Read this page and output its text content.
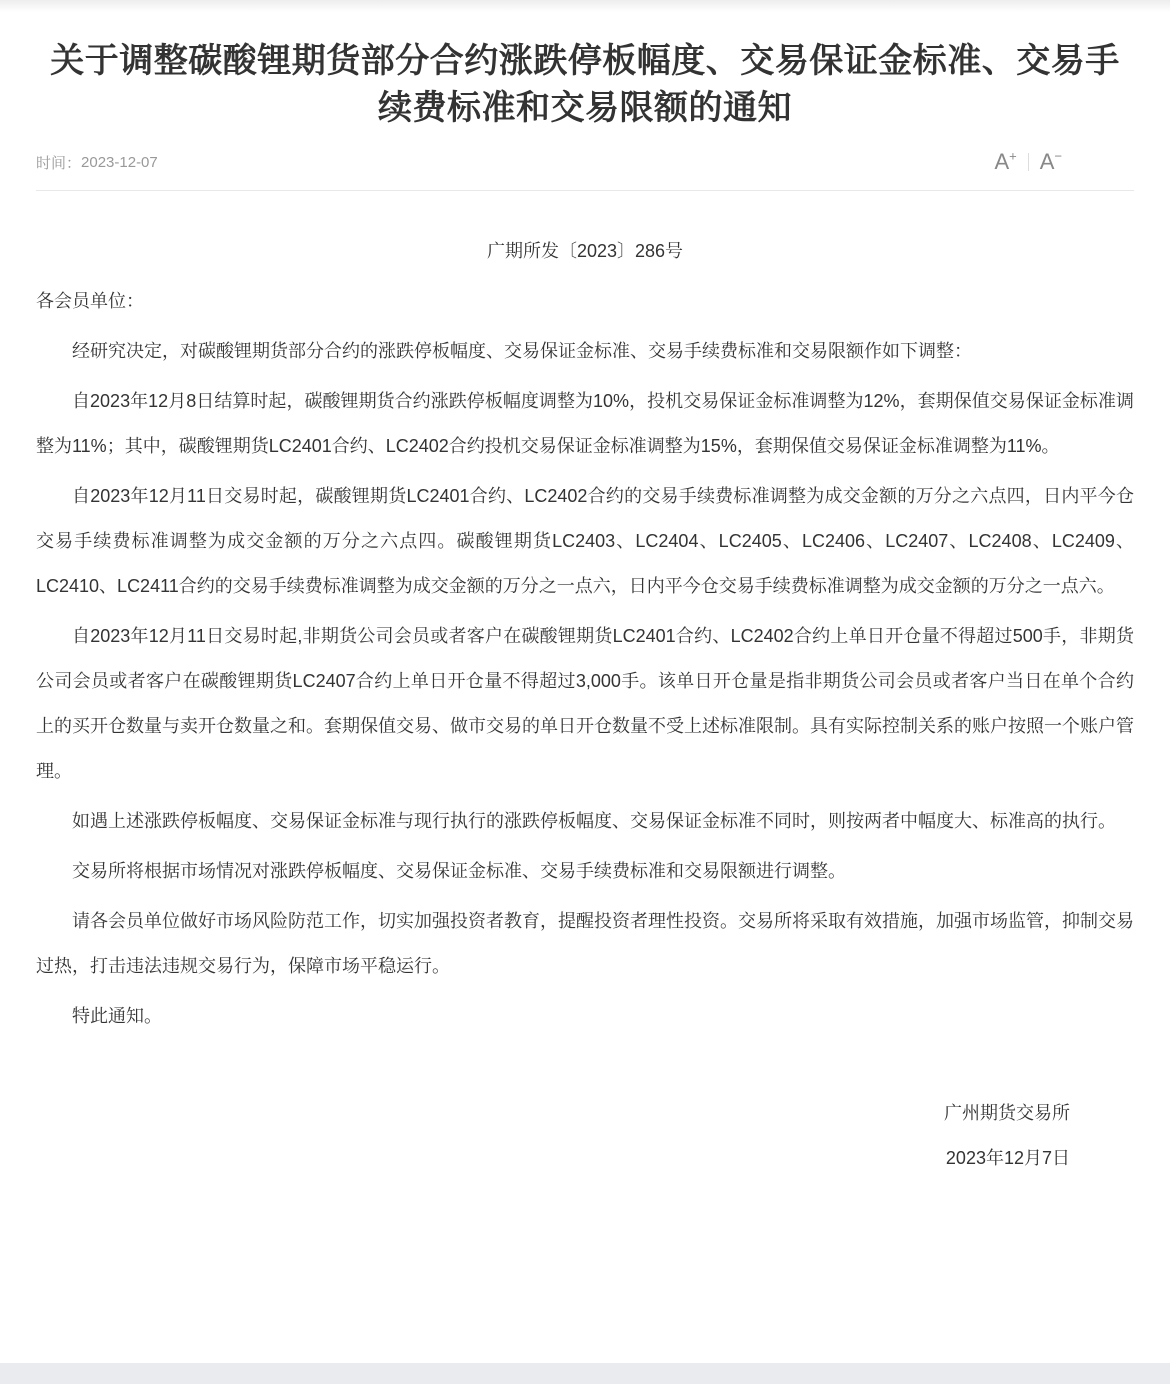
关于调整碳酸锂期货部分合约涨跌停板幅度、交易保证金标准、交易手续费标准和交易限额的通知
时间： 2023-12-07	A+ A−

广期所发〔2023〕286号

各会员单位：

经研究决定，对碳酸锂期货部分合约的涨跌停板幅度、交易保证金标准、交易手续费标准和交易限额作如下调整：

自2023年12月8日结算时起，碳酸锂期货合约涨跌停板幅度调整为10%，投机交易保证金标准调整为12%，套期保值交易保证金标准调整为11%；其中，碳酸锂期货LC2401合约、LC2402合约投机交易保证金标准调整为15%，套期保值交易保证金标准调整为11%。

自2023年12月11日交易时起，碳酸锂期货LC2401合约、LC2402合约的交易手续费标准调整为成交金额的万分之六点四，日内平今仓交易手续费标准调整为成交金额的万分之六点四。碳酸锂期货LC2403、LC2404、LC2405、LC2406、LC2407、LC2408、LC2409、LC2410、LC2411合约的交易手续费标准调整为成交金额的万分之一点六，日内平今仓交易手续费标准调整为成交金额的万分之一点六。

自2023年12月11日交易时起,非期货公司会员或者客户在碳酸锂期货LC2401合约、LC2402合约上单日开仓量不得超过500手，非期货公司会员或者客户在碳酸锂期货LC2407合约上单日开仓量不得超过3,000手。该单日开仓量是指非期货公司会员或者客户当日在单个合约上的买开仓数量与卖开仓数量之和。套期保值交易、做市交易的单日开仓数量不受上述标准限制。具有实际控制关系的账户按照一个账户管理。

如遇上述涨跌停板幅度、交易保证金标准与现行执行的涨跌停板幅度、交易保证金标准不同时，则按两者中幅度大、标准高的执行。

交易所将根据市场情况对涨跌停板幅度、交易保证金标准、交易手续费标准和交易限额进行调整。

请各会员单位做好市场风险防范工作，切实加强投资者教育，提醒投资者理性投资。交易所将采取有效措施，加强市场监管，抑制交易过热，打击违法违规交易行为，保障市场平稳运行。

特此通知。

广州期货交易所

2023年12月7日
